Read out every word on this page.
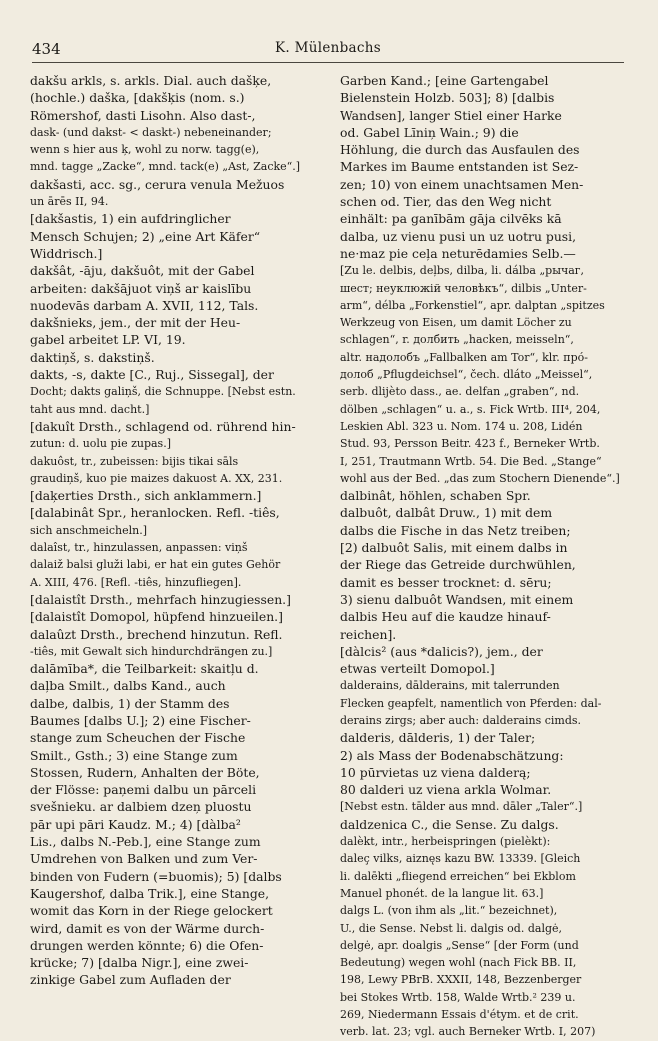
434	K. Mülenbachs
dakšu arkls, s. arkls. Dial. auch dašķe,
(hochle.) daška, [dakšķis (nom. s.)
Römershof, dasti Lisohn. Also dast-,
dask- (und dakst- < daskt-) nebeneinander;
wenn s hier aus ķ, wohl zu norw. tagg(e),
mnd. tagge „Zacke“, mnd. tack(e) „Ast, Zacke“.]
dakšasti, acc. sg., cerura venula Mežuos
un ārēs II, 94.
[dakšastis, 1) ein aufdringlicher
Mensch Schujen; 2) „eine Art Käfer“
Widdrisch.]
dakšât, -āju, dakšuôt, mit der Gabel
arbeiten: dakšājuot viņš ar kaislību
nuodevās darbam A. XVII, 112, Tals.
dakšnieks, jem., der mit der Heu-
gabel arbeitet LP. VI, 19.
daktiņš, s. dakstiņš.
dakts, -s, dakte [C., Ruj., Sissegal], der
Docht; dakts galiņš, die Schnuppe. [Nebst estn.
taht aus mnd. dacht.]
[dakuît Drsth., schlagend od. rührend hin-
zutun: d. uolu pie zupas.]
dakuôst, tr., zubeissen: bijis tikai sāls
graudiņš, kuo pie maizes dakuost A. XX, 231.
[daķerties Drsth., sich anklammern.]
[dalabinât Spr., heranlocken. Refl. -tiês,
sich anschmeicheln.]
dalaîst, tr., hinzulassen, anpassen: viņš
dalaiž balsi gluži labi, er hat ein gutes Gehör
A. XIII, 476. [Refl. -tiês, hinzufliegen].
[dalaistît Drsth., mehrfach hinzugiessen.]
[dalaistît Domopol, hüpfend hinzueilen.]
dalaûzt Drsth., brechend hinzutun. Refl.
-tiês, mit Gewalt sich hindurchdrängen zu.]
dalāmība*, die Teilbarkeit: skaitļu d.
daļba Smilt., dalbs Kand., auch
dalbe, dalbis, 1) der Stamm des
Baumes [dalbs U.]; 2) eine Fischer-
stange zum Scheuchen der Fische
Smilt., Gsth.; 3) eine Stange zum
Stossen, Rudern, Anhalten der Böte,
der Flösse: paņemi dalbu un pārceli
svešnieku. ar dalbiem dzeņ pluostu
pār upi pāri Kaudz. M.; 4) [dàlba²
Lis., dalbs N.-Peb.], eine Stange zum
Umdrehen von Balken und zum Ver-
binden von Fudern (=buomis); 5) [dalbs
Kaugershof, dalba Trik.], eine Stange,
womit das Korn in der Riege gelockert
wird, damit es von der Wärme durch-
drungen werden könnte; 6) die Ofen-
krücke; 7) [dalba Nigr.], eine zwei-
zinkige Gabel zum Aufladen der
Garben Kand.; [eine Gartengabel
Bielenstein Holzb. 503]; 8) [dalbis
Wandsen], langer Stiel einer Harke
od. Gabel Līniņ Wain.; 9) die
Höhlung, die durch das Ausfaulen des
Markes im Baume entstanden ist Sez-
zen; 10) von einem unachtsamen Men-
schen od. Tier, das den Weg nicht
einhält: pa ganībām gāja cilvēks kā
dalba, uz vienu pusi un uz uotru pusi,
ne·maz pie ceļa neturēdamies Selb.—
[Zu le. delbis, deļbs, dilba, li. dálba „рычаг,
шест; неуклюжій человѣкъ“, dilbis „Unter-
arm“, délba „Forkenstiel“, apr. dalptan „spitzes
Werkzeug von Eisen, um damit Löcher zu
schlagen“, r. долбить „hacken, meisseln“,
altr. надолобъ „Fallbalken am Tor“, klr. про́-
долоб „Pflugdeichsel“, čech. dláto „Meissel“,
serb. dlijèto dass., ae. delfan „graben“, nd.
dölben „schlagen“ u. a., s. Fick Wrtb. III⁴, 204,
Leskien Abl. 323 u. Nom. 174 u. 208, Lidén
Stud. 93, Persson Beitr. 423 f., Berneker Wrtb.
I, 251, Trautmann Wrtb. 54. Die Bed. „Stange“
wohl aus der Bed. „das zum Stochern Dienende“.]
dalbinât, höhlen, schaben Spr.
dalbuôt, dalbât Druw., 1) mit dem
dalbs die Fische in das Netz treiben;
[2) dalbuôt Salis, mit einem dalbs in
der Riege das Getreide durchwühlen,
damit es besser trocknet: d. sēru;
3) sienu dalbuôt Wandsen, mit einem
dalbis Heu auf die kaudze hinauf-
reichen].
[dàlcis² (aus *dalicis?), jem., der
etwas verteilt Domopol.]
dalderains, dālderains, mit talerrunden
Flecken geapfelt, namentlich von Pferden: dal-
derains zirgs; aber auch: dalderains cimds.
dalderis, dālderis, 1) der Taler;
2) als Mass der Bodenabschätzung:
10 pūrvietas uz viena dalderą;
80 dalderi uz viena arkla Wolmar.
[Nebst estn. tālder aus mnd. dāler „Taler“.]
daldzenica C., die Sense. Zu dalgs.
dalèkt, intr., herbeispringen (pielèkt):
daleç vilks, aiznęs kazu BW. 13339. [Gleich
li. dalēkti „fliegend erreichen“ bei Ekblom
Manuel phonét. de la langue lit. 63.]
dalgs L. (von ihm als „lit.“ bezeichnet),
U., die Sense. Nebst li. dalgis od. dalgė,
delgė, apr. doalgis „Sense“ [der Form (und
Bedeutung) wegen wohl (nach Fick BB. II,
198, Lewy PBrB. XXXII, 148, Bezzenberger
bei Stokes Wrtb. 158, Walde Wrtb.² 239 u.
269, Niedermann Essais d'étym. et de crit.
verb. lat. 23; vgl. auch Berneker Wrtb. I, 207)
